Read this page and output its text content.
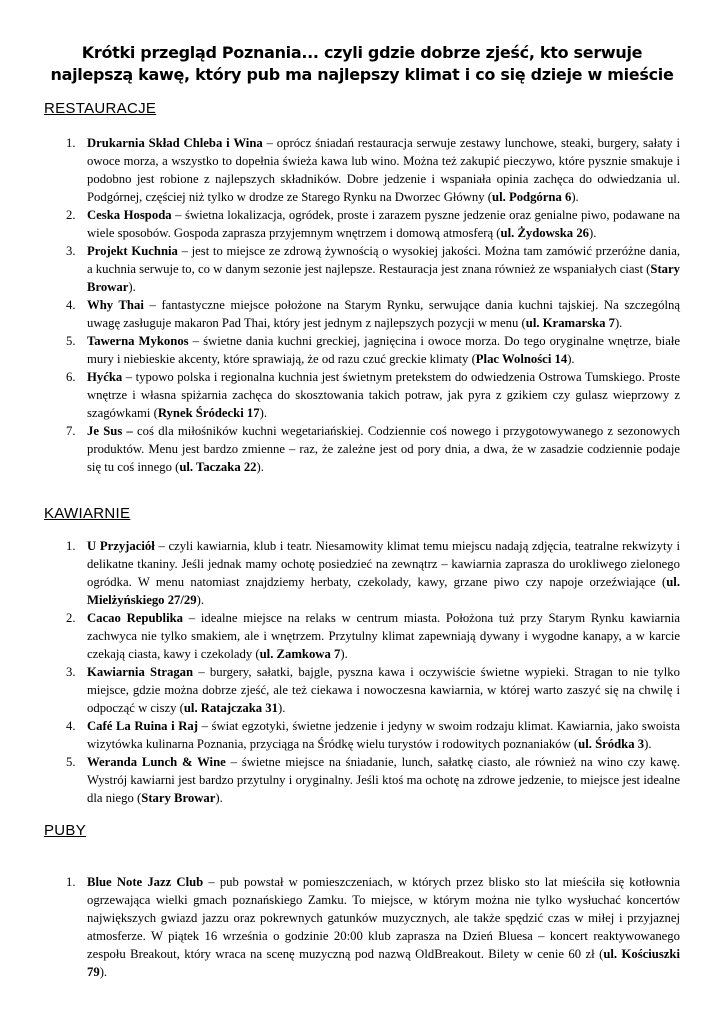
Krótki przegląd Poznania... czyli gdzie dobrze zjeść, kto serwuje najlepszą kawę, który pub ma najlepszy klimat i co się dzieje w mieście
RESTAURACJE
1. Drukarnia Skład Chleba i Wina – oprócz śniadań restauracja serwuje zestawy lunchowe, steaki, burgery, sałaty i owoce morza, a wszystko to dopełnia świeża kawa lub wino. Można też zakupić pieczywo, które pysznie smakuje i podobno jest robione z najlepszych składników. Dobre jedzenie i wspaniała opinia zachęca do odwiedzania ul. Podgórnej, częściej niż tylko w drodze ze Starego Rynku na Dworzec Główny (ul. Podgórna 6).
2. Ceska Hospoda – świetna lokalizacja, ogródek, proste i zarazem pyszne jedzenie oraz genialne piwo, podawane na wiele sposobów. Gospoda zaprasza przyjemnym wnętrzem i domową atmosferą (ul. Żydowska 26).
3. Projekt Kuchnia – jest to miejsce ze zdrową żywnością o wysokiej jakości. Można tam zamówić przeróżne dania, a kuchnia serwuje to, co w danym sezonie jest najlepsze. Restauracja jest znana również ze wspaniałych ciast (Stary Browar).
4. Why Thai – fantastyczne miejsce położone na Starym Rynku, serwujące dania kuchni tajskiej. Na szczególną uwagę zasługuje makaron Pad Thai, który jest jednym z najlepszych pozycji w menu (ul. Kramarska 7).
5. Tawerna Mykonos – świetne dania kuchni greckiej, jagnięcina i owoce morza. Do tego oryginalne wnętrze, białe mury i niebieskie akcenty, które sprawiają, że od razu czuć greckie klimaty (Plac Wolności 14).
6. Hyćka – typowo polska i regionalna kuchnia jest świetnym pretekstem do odwiedzenia Ostrowa Tumskiego. Proste wnętrze i własna spiżarnia zachęca do skosztowania takich potraw, jak pyra z gzikiem czy gulasz wieprzowy z szagówkami (Rynek Śródecki 17).
7. Je Sus – coś dla miłośników kuchni wegetariańskiej. Codziennie coś nowego i przygotowywanego z sezonowych produktów. Menu jest bardzo zmienne – raz, że zależne jest od pory dnia, a dwa, że w zasadzie codziennie podaje się tu coś innego (ul. Taczaka 22).
KAWIARNIE
1. U Przyjaciół – czyli kawiarnia, klub i teatr. Niesamowity klimat temu miejscu nadają zdjęcia, teatralne rekwizyty i delikatne tkaniny. Jeśli jednak mamy ochotę posiedzieć na zewnątrz – kawiarnia zaprasza do urokliwego zielonego ogródka. W menu natomiast znajdziemy herbaty, czekolady, kawy, grzane piwo czy napoje orzeźwiające (ul. Mielżyńskiego 27/29).
2. Cacao Republika – idealne miejsce na relaks w centrum miasta. Położona tuż przy Starym Rynku kawiarnia zachwyca nie tylko smakiem, ale i wnętrzem. Przytulny klimat zapewniają dywany i wygodne kanapy, a w karcie czekają ciasta, kawy i czekolady (ul. Zamkowa 7).
3. Kawiarnia Stragan – burgery, sałatki, bajgle, pyszna kawa i oczywiście świetne wypieki. Stragan to nie tylko miejsce, gdzie można dobrze zjeść, ale też ciekawa i nowoczesna kawiarnia, w której warto zaszyć się na chwilę i odpocząć w ciszy (ul. Ratajczaka 31).
4. Café La Ruina i Raj – świat egzotyki, świetne jedzenie i jedyny w swoim rodzaju klimat. Kawiarnia, jako swoista wizytówka kulinarna Poznania, przyciąga na Śródkę wielu turystów i rodowitych poznaniaków (ul. Śródka 3).
5. Weranda Lunch & Wine – świetne miejsce na śniadanie, lunch, sałatkę ciasto, ale również na wino czy kawę. Wystrój kawiarni jest bardzo przytulny i oryginalny. Jeśli ktoś ma ochotę na zdrowe jedzenie, to miejsce jest idealne dla niego (Stary Browar).
PUBY
1. Blue Note Jazz Club – pub powstał w pomieszczeniach, w których przez blisko sto lat mieściła się kotłownia ogrzewająca wielki gmach poznańskiego Zamku. To miejsce, w którym można nie tylko wysłuchać koncertów największych gwiazd jazzu oraz pokrewnych gatunków muzycznych, ale także spędzić czas w miłej i przyjaznej atmosferze. W piątek 16 września o godzinie 20:00 klub zaprasza na Dzień Bluesa – koncert reaktywowanego zespołu Breakout, który wraca na scenę muzyczną pod nazwą OldBreakout. Bilety w cenie 60 zł (ul. Kościuszki 79).
